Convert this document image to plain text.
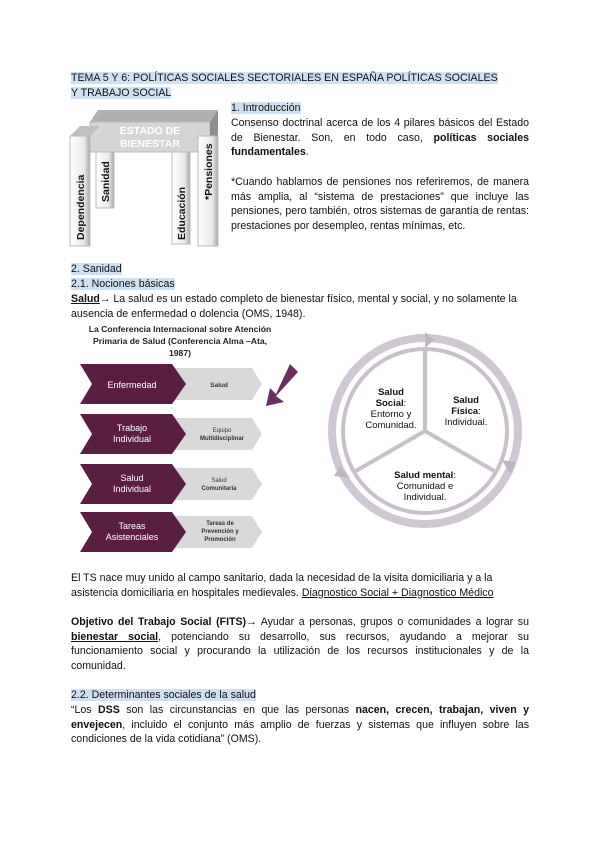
TEMA 5 Y 6: POLÍTICAS SOCIALES SECTORIALES EN ESPAÑA POLÍTICAS SOCIALES
Y TRABAJO SOCIAL
ESTADO DE
BIENESTAR
Dependencia Sanidad
Educación
*Pensiones
1. Introducción

Consenso doctrinal acerca de los 4 pilares básicos del Estado de Bienestar. Son, en todo caso, políticas sociales fundamentales.

*Cuando hablamos de pensiones nos referiremos, de manera más amplia, al “sistema de prestaciones” que incluye las pensiones, pero también, otros sistemas de garantía de rentas: prestaciones por desempleo, rentas mínimas, etc.

2. Sanidad
2.1. Nociones básicas

Salud→ La salud es un estado completo de bienestar físico, mental y social, y no solamente la ausencia de enfermedad o dolencia (OMS, 1948).

La Conferencia Internacional sobre Atención
Primaria de Salud (Conferencia Alma –Ata,
1987)
Enfermedad	Salud
Trabajo
Individual
Equipo
Multidisciplinar
Salud
Individual
Salud
Comunitaria
Tareas
Asistenciales
Tareas de
Prevención y
Promoción
Salud
Social:
Entorno y
Comunidad.
Salud
Física:
Individual.
Salud mental:
Comunidad e
Individual.

El TS nace muy unido al campo sanitario, dada la necesidad de la visita domiciliaria y a la asistencia domiciliaria en hospitales medievales. Diagnostico Social + Diagnostico Médico

Objetivo del Trabajo Social (FITS)→ Ayudar a personas, grupos o comunidades a lograr su bienestar social, potenciando su desarrollo, sus recursos, ayudando a mejorar su funcionamiento social y procurando la utilización de los recursos institucionales y de la comunidad.

2.2. Determinantes sociales de la salud

“Los DSS son las circunstancias en que las personas nacen, crecen, trabajan, viven y envejecen, incluido el conjunto más amplio de fuerzas y sistemas que influyen sobre las condiciones de la vida cotidiana” (OMS).
